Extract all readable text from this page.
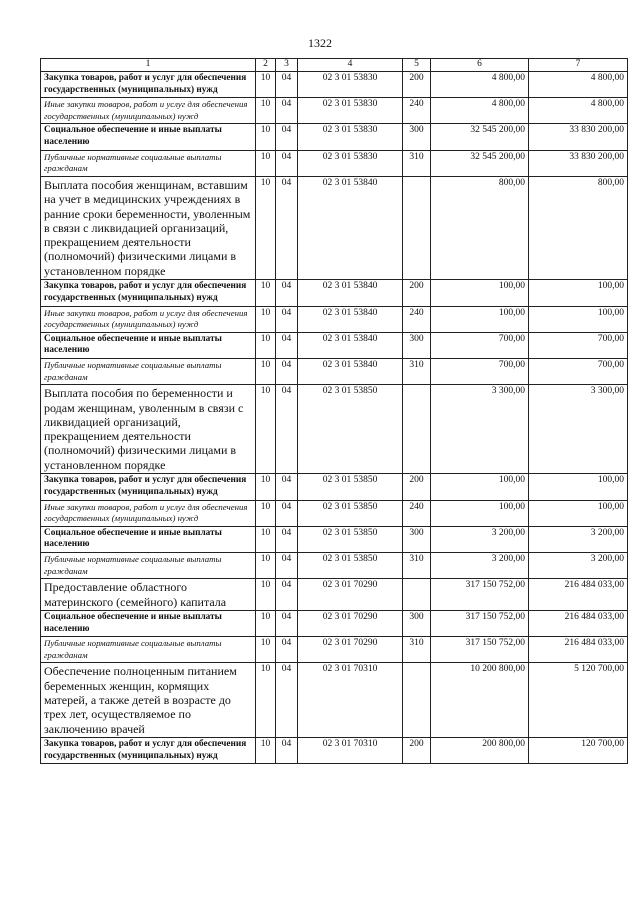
1322
1	2	3	4	5	6	7
Закупка товаров, работ и услуг для обеспечения государственных (муниципальных) нужд	10	04	02 3 01 53830	200	4 800,00	4 800,00
Иные закупки товаров, работ и услуг для обеспечения государственных (муниципальных) нужд	10	04	02 3 01 53830	240	4 800,00	4 800,00
Социальное обеспечение и иные выплаты населению	10	04	02 3 01 53830	300	32 545 200,00	33 830 200,00
Публичные нормативные социальные выплаты гражданам	10	04	02 3 01 53830	310	32 545 200,00	33 830 200,00
Выплата пособия женщинам, вставшим на учет в медицинских учреждениях в ранние сроки беременности, уволенным в связи с ликвидацией организаций, прекращением деятельности (полномочий) физическими лицами в установленном порядке	10	04	02 3 01 53840		800,00	800,00
Закупка товаров, работ и услуг для обеспечения государственных (муниципальных) нужд	10	04	02 3 01 53840	200	100,00	100,00
Иные закупки товаров, работ и услуг для обеспечения государственных (муниципальных) нужд	10	04	02 3 01 53840	240	100,00	100,00
Социальное обеспечение и иные выплаты населению	10	04	02 3 01 53840	300	700,00	700,00
Публичные нормативные социальные выплаты гражданам	10	04	02 3 01 53840	310	700,00	700,00
Выплата пособия по беременности и родам женщинам, уволенным в связи с ликвидацией организаций, прекращением деятельности (полномочий) физическими лицами в установленном порядке	10	04	02 3 01 53850		3 300,00	3 300,00
Закупка товаров, работ и услуг для обеспечения государственных (муниципальных) нужд	10	04	02 3 01 53850	200	100,00	100,00
Иные закупки товаров, работ и услуг для обеспечения государственных (муниципальных) нужд	10	04	02 3 01 53850	240	100,00	100,00
Социальное обеспечение и иные выплаты населению	10	04	02 3 01 53850	300	3 200,00	3 200,00
Публичные нормативные социальные выплаты гражданам	10	04	02 3 01 53850	310	3 200,00	3 200,00
Предоставление областного материнского (семейного) капитала	10	04	02 3 01 70290		317 150 752,00	216 484 033,00
Социальное обеспечение и иные выплаты населению	10	04	02 3 01 70290	300	317 150 752,00	216 484 033,00
Публичные нормативные социальные выплаты гражданам	10	04	02 3 01 70290	310	317 150 752,00	216 484 033,00
Обеспечение полноценным питанием беременных женщин, кормящих матерей, а также детей в возрасте до трех лет, осуществляемое по заключению врачей	10	04	02 3 01 70310		10 200 800,00	5 120 700,00
Закупка товаров, работ и услуг для обеспечения государственных (муниципальных) нужд	10	04	02 3 01 70310	200	200 800,00	120 700,00
